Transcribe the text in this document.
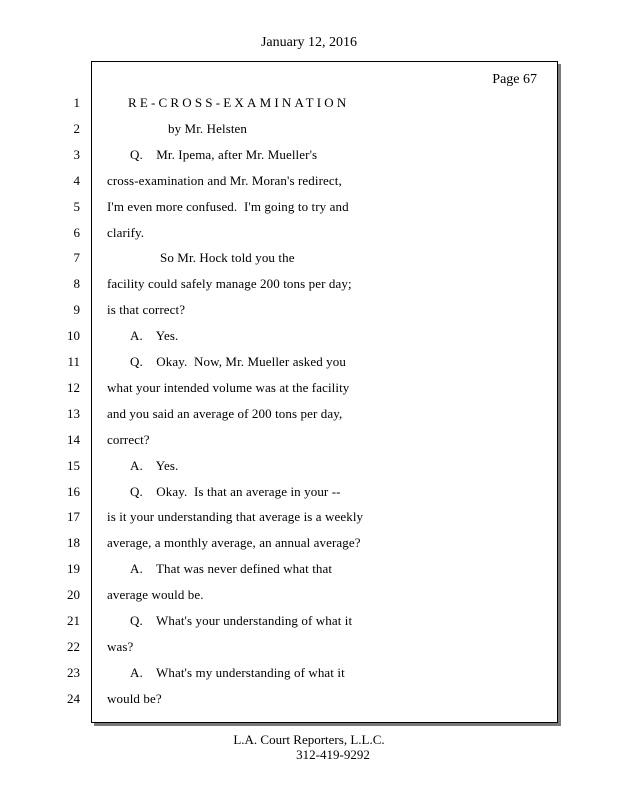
January 12, 2016
Page 67
1	RE-CROSS-EXAMINATION
2	by Mr. Helsten
3	Q.    Mr. Ipema, after Mr. Mueller's
4 cross-examination and Mr. Moran's redirect,
5 I'm even more confused.  I'm going to try and
6 clarify.
7	So Mr. Hock told you the
8 facility could safely manage 200 tons per day;
9 is that correct?
10	A.    Yes.
11	Q.    Okay.  Now, Mr. Mueller asked you
12 what your intended volume was at the facility
13 and you said an average of 200 tons per day,
14 correct?
15	A.    Yes.
16	Q.    Okay.  Is that an average in your --
17 is it your understanding that average is a weekly
18 average, a monthly average, an annual average?
19	A.    That was never defined what that
20 average would be.
21	Q.    What's your understanding of what it
22 was?
23	A.    What's my understanding of what it
24 would be?
L.A. Court Reporters, L.L.C.
312-419-9292
